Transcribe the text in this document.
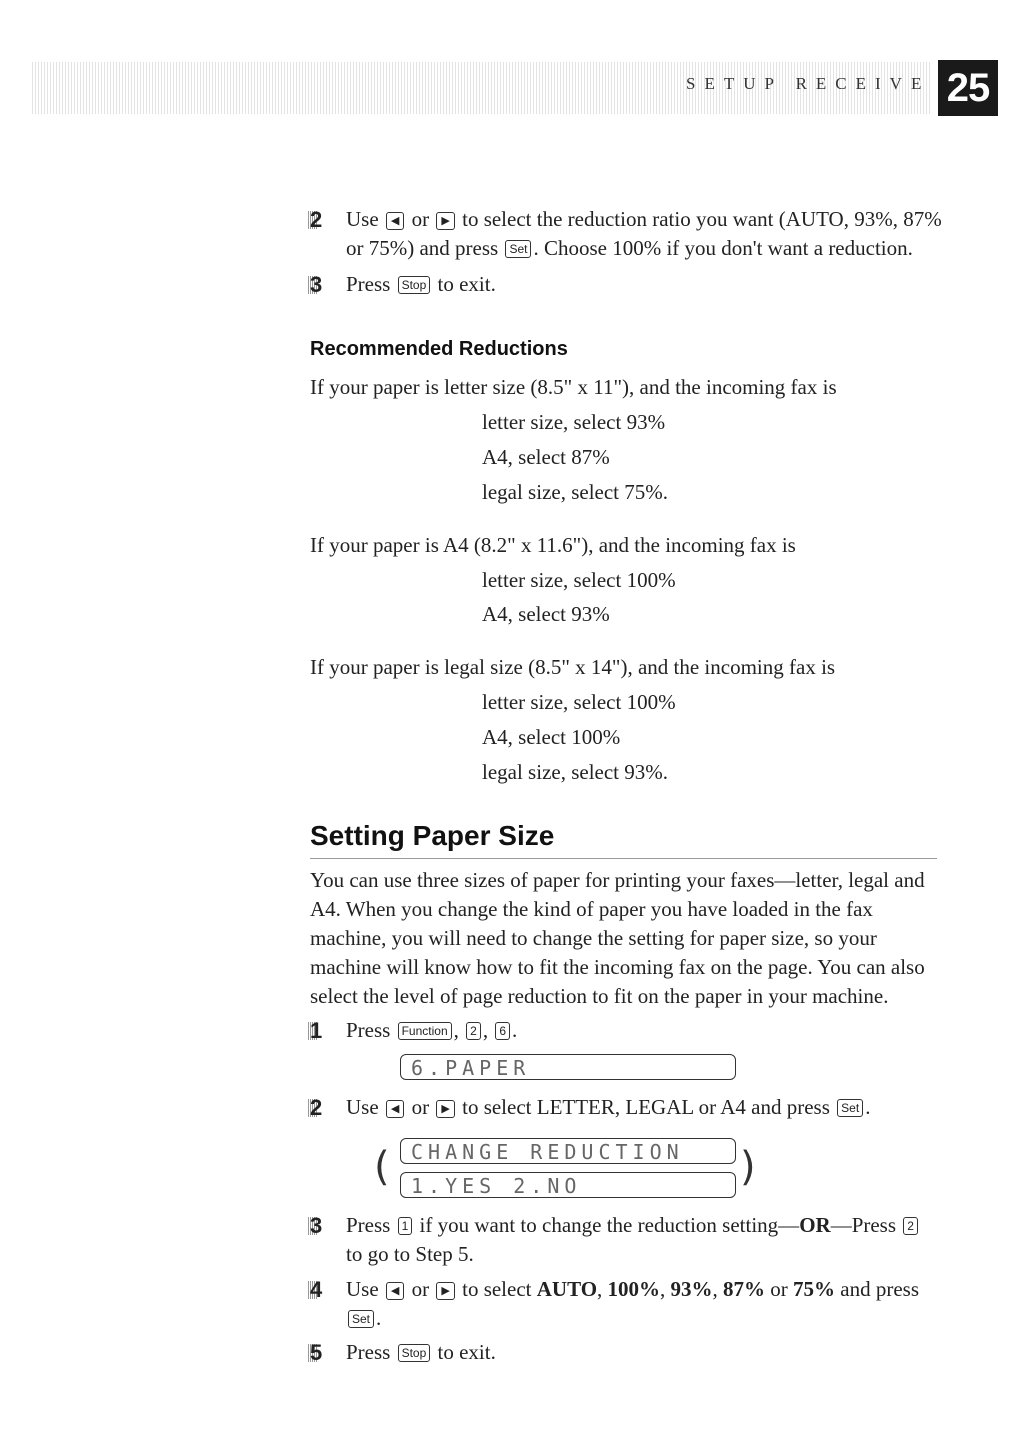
SETUP RECEIVE 25
2	Use ◀ or ▶ to select the reduction ratio you want (AUTO, 93%, 87%
or 75%) and press Set . Choose 100% if you don't want a reduction.
3	Press Stop to exit.
Recommended Reductions
If your paper is letter size (8.5" x 11"), and the incoming fax is
letter size, select 93%
A4, select 87%
legal size, select 75%.
If your paper is A4 (8.2" x 11.6"), and the incoming fax is
letter size, select 100%
A4, select 93%
If your paper is legal size (8.5" x 14"), and the incoming fax is
letter size, select 100%
A4, select 100%
legal size, select 93%.
Setting Paper Size
You can use three sizes of paper for printing your faxes—letter, legal and
A4. When you change the kind of paper you have loaded in the fax
machine, you will need to change the setting for paper size, so your
machine will know how to fit the incoming fax on the page. You can also
select the level of page reduction to fit on the paper in your machine.
1	Press Function , 2 , 6 .
6.PAPER
2	Use ◀ or ▶ to select LETTER, LEGAL or A4 and press Set .
(	CHANGE REDUCTION
1.YES 2.NO	)
3	Press 1 if you want to change the reduction setting—OR—Press 2
to go to Step 5.
4	Use ◀ or ▶ to select AUTO, 100%, 93%, 87% or 75% and press
Set .
5	Press Stop to exit.
